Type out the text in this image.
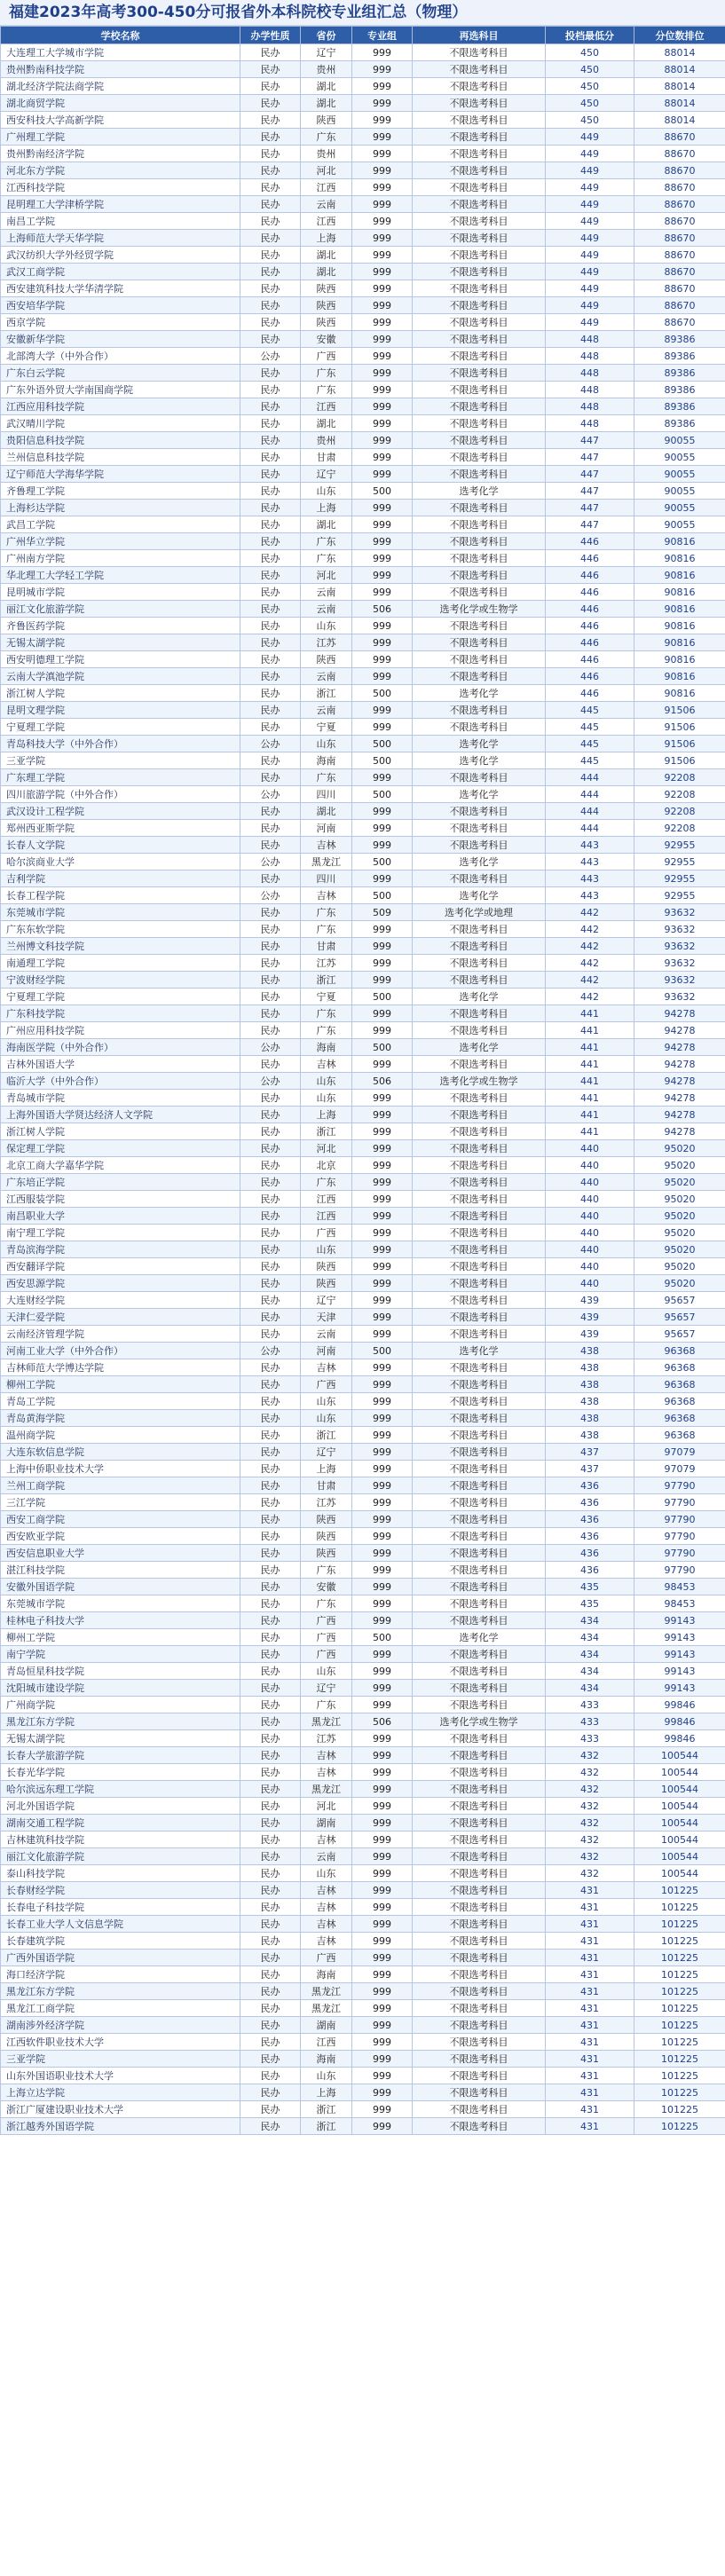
福建2023年高考300-450分可报省外本科院校专业组汇总（物理）
学校名称	办学性质	省份	专业组	再选科目	投档最低分	分位数排位
大连理工大学城市学院	民办	辽宁	999	不限选考科目	450	88014
贵州黔南科技学院	民办	贵州	999	不限选考科目	450	88014
湖北经济学院法商学院	民办	湖北	999	不限选考科目	450	88014
湖北商贸学院	民办	湖北	999	不限选考科目	450	88014
西安科技大学高新学院	民办	陕西	999	不限选考科目	450	88014
广州理工学院	民办	广东	999	不限选考科目	449	88670
贵州黔南经济学院	民办	贵州	999	不限选考科目	449	88670
河北东方学院	民办	河北	999	不限选考科目	449	88670
江西科技学院	民办	江西	999	不限选考科目	449	88670
昆明理工大学津桥学院	民办	云南	999	不限选考科目	449	88670
南昌工学院	民办	江西	999	不限选考科目	449	88670
上海师范大学天华学院	民办	上海	999	不限选考科目	449	88670
武汉纺织大学外经贸学院	民办	湖北	999	不限选考科目	449	88670
武汉工商学院	民办	湖北	999	不限选考科目	449	88670
西安建筑科技大学华清学院	民办	陕西	999	不限选考科目	449	88670
西安培华学院	民办	陕西	999	不限选考科目	449	88670
西京学院	民办	陕西	999	不限选考科目	449	88670
安徽新华学院	民办	安徽	999	不限选考科目	448	89386
北部湾大学（中外合作）	公办	广西	999	不限选考科目	448	89386
广东白云学院	民办	广东	999	不限选考科目	448	89386
广东外语外贸大学南国商学院	民办	广东	999	不限选考科目	448	89386
江西应用科技学院	民办	江西	999	不限选考科目	448	89386
武汉晴川学院	民办	湖北	999	不限选考科目	448	89386
贵阳信息科技学院	民办	贵州	999	不限选考科目	447	90055
兰州信息科技学院	民办	甘肃	999	不限选考科目	447	90055
辽宁师范大学海华学院	民办	辽宁	999	不限选考科目	447	90055
齐鲁理工学院	民办	山东	500	选考化学	447	90055
上海杉达学院	民办	上海	999	不限选考科目	447	90055
武昌工学院	民办	湖北	999	不限选考科目	447	90055
广州华立学院	民办	广东	999	不限选考科目	446	90816
广州南方学院	民办	广东	999	不限选考科目	446	90816
华北理工大学轻工学院	民办	河北	999	不限选考科目	446	90816
昆明城市学院	民办	云南	999	不限选考科目	446	90816
丽江文化旅游学院	民办	云南	506	选考化学或生物学	446	90816
齐鲁医药学院	民办	山东	999	不限选考科目	446	90816
无锡太湖学院	民办	江苏	999	不限选考科目	446	90816
西安明德理工学院	民办	陕西	999	不限选考科目	446	90816
云南大学滇池学院	民办	云南	999	不限选考科目	446	90816
浙江树人学院	民办	浙江	500	选考化学	446	90816
昆明文理学院	民办	云南	999	不限选考科目	445	91506
宁夏理工学院	民办	宁夏	999	不限选考科目	445	91506
青岛科技大学（中外合作）	公办	山东	500	选考化学	445	91506
三亚学院	民办	海南	500	选考化学	445	91506
广东理工学院	民办	广东	999	不限选考科目	444	92208
四川旅游学院（中外合作）	公办	四川	500	选考化学	444	92208
武汉设计工程学院	民办	湖北	999	不限选考科目	444	92208
郑州西亚斯学院	民办	河南	999	不限选考科目	444	92208
长春人文学院	民办	吉林	999	不限选考科目	443	92955
哈尔滨商业大学	公办	黑龙江	500	选考化学	443	92955
吉利学院	民办	四川	999	不限选考科目	443	92955
长春工程学院	公办	吉林	500	选考化学	443	92955
东莞城市学院	民办	广东	509	选考化学或地理	442	93632
广东东软学院	民办	广东	999	不限选考科目	442	93632
兰州博文科技学院	民办	甘肃	999	不限选考科目	442	93632
南通理工学院	民办	江苏	999	不限选考科目	442	93632
宁波财经学院	民办	浙江	999	不限选考科目	442	93632
宁夏理工学院	民办	宁夏	500	选考化学	442	93632
广东科技学院	民办	广东	999	不限选考科目	441	94278
广州应用科技学院	民办	广东	999	不限选考科目	441	94278
海南医学院（中外合作）	公办	海南	500	选考化学	441	94278
吉林外国语大学	民办	吉林	999	不限选考科目	441	94278
临沂大学（中外合作）	公办	山东	506	选考化学或生物学	441	94278
青岛城市学院	民办	山东	999	不限选考科目	441	94278
上海外国语大学贤达经济人文学院	民办	上海	999	不限选考科目	441	94278
浙江树人学院	民办	浙江	999	不限选考科目	441	94278
保定理工学院	民办	河北	999	不限选考科目	440	95020
北京工商大学嘉华学院	民办	北京	999	不限选考科目	440	95020
广东培正学院	民办	广东	999	不限选考科目	440	95020
江西服装学院	民办	江西	999	不限选考科目	440	95020
南昌职业大学	民办	江西	999	不限选考科目	440	95020
南宁理工学院	民办	广西	999	不限选考科目	440	95020
青岛滨海学院	民办	山东	999	不限选考科目	440	95020
西安翻译学院	民办	陕西	999	不限选考科目	440	95020
西安思源学院	民办	陕西	999	不限选考科目	440	95020
大连财经学院	民办	辽宁	999	不限选考科目	439	95657
天津仁爱学院	民办	天津	999	不限选考科目	439	95657
云南经济管理学院	民办	云南	999	不限选考科目	439	95657
河南工业大学（中外合作）	公办	河南	500	选考化学	438	96368
吉林师范大学博达学院	民办	吉林	999	不限选考科目	438	96368
柳州工学院	民办	广西	999	不限选考科目	438	96368
青岛工学院	民办	山东	999	不限选考科目	438	96368
青岛黄海学院	民办	山东	999	不限选考科目	438	96368
温州商学院	民办	浙江	999	不限选考科目	438	96368
大连东软信息学院	民办	辽宁	999	不限选考科目	437	97079
上海中侨职业技术大学	民办	上海	999	不限选考科目	437	97079
兰州工商学院	民办	甘肃	999	不限选考科目	436	97790
三江学院	民办	江苏	999	不限选考科目	436	97790
西安工商学院	民办	陕西	999	不限选考科目	436	97790
西安欧亚学院	民办	陕西	999	不限选考科目	436	97790
西安信息职业大学	民办	陕西	999	不限选考科目	436	97790
湛江科技学院	民办	广东	999	不限选考科目	436	97790
安徽外国语学院	民办	安徽	999	不限选考科目	435	98453
东莞城市学院	民办	广东	999	不限选考科目	435	98453
桂林电子科技大学	民办	广西	999	不限选考科目	434	99143
柳州工学院	民办	广西	500	选考化学	434	99143
南宁学院	民办	广西	999	不限选考科目	434	99143
青岛恒星科技学院	民办	山东	999	不限选考科目	434	99143
沈阳城市建设学院	民办	辽宁	999	不限选考科目	434	99143
广州商学院	民办	广东	999	不限选考科目	433	99846
黑龙江东方学院	民办	黑龙江	506	选考化学或生物学	433	99846
无锡太湖学院	民办	江苏	999	不限选考科目	433	99846
长春大学旅游学院	民办	吉林	999	不限选考科目	432	100544
长春光华学院	民办	吉林	999	不限选考科目	432	100544
哈尔滨远东理工学院	民办	黑龙江	999	不限选考科目	432	100544
河北外国语学院	民办	河北	999	不限选考科目	432	100544
湖南交通工程学院	民办	湖南	999	不限选考科目	432	100544
吉林建筑科技学院	民办	吉林	999	不限选考科目	432	100544
丽江文化旅游学院	民办	云南	999	不限选考科目	432	100544
泰山科技学院	民办	山东	999	不限选考科目	432	100544
长春财经学院	民办	吉林	999	不限选考科目	431	101225
长春电子科技学院	民办	吉林	999	不限选考科目	431	101225
长春工业大学人文信息学院	民办	吉林	999	不限选考科目	431	101225
长春建筑学院	民办	吉林	999	不限选考科目	431	101225
广西外国语学院	民办	广西	999	不限选考科目	431	101225
海口经济学院	民办	海南	999	不限选考科目	431	101225
黑龙江东方学院	民办	黑龙江	999	不限选考科目	431	101225
黑龙江工商学院	民办	黑龙江	999	不限选考科目	431	101225
湖南涉外经济学院	民办	湖南	999	不限选考科目	431	101225
江西软件职业技术大学	民办	江西	999	不限选考科目	431	101225
三亚学院	民办	海南	999	不限选考科目	431	101225
山东外国语职业技术大学	民办	山东	999	不限选考科目	431	101225
上海立达学院	民办	上海	999	不限选考科目	431	101225
浙江广厦建设职业技术大学	民办	浙江	999	不限选考科目	431	101225
浙江越秀外国语学院	民办	浙江	999	不限选考科目	431	101225
